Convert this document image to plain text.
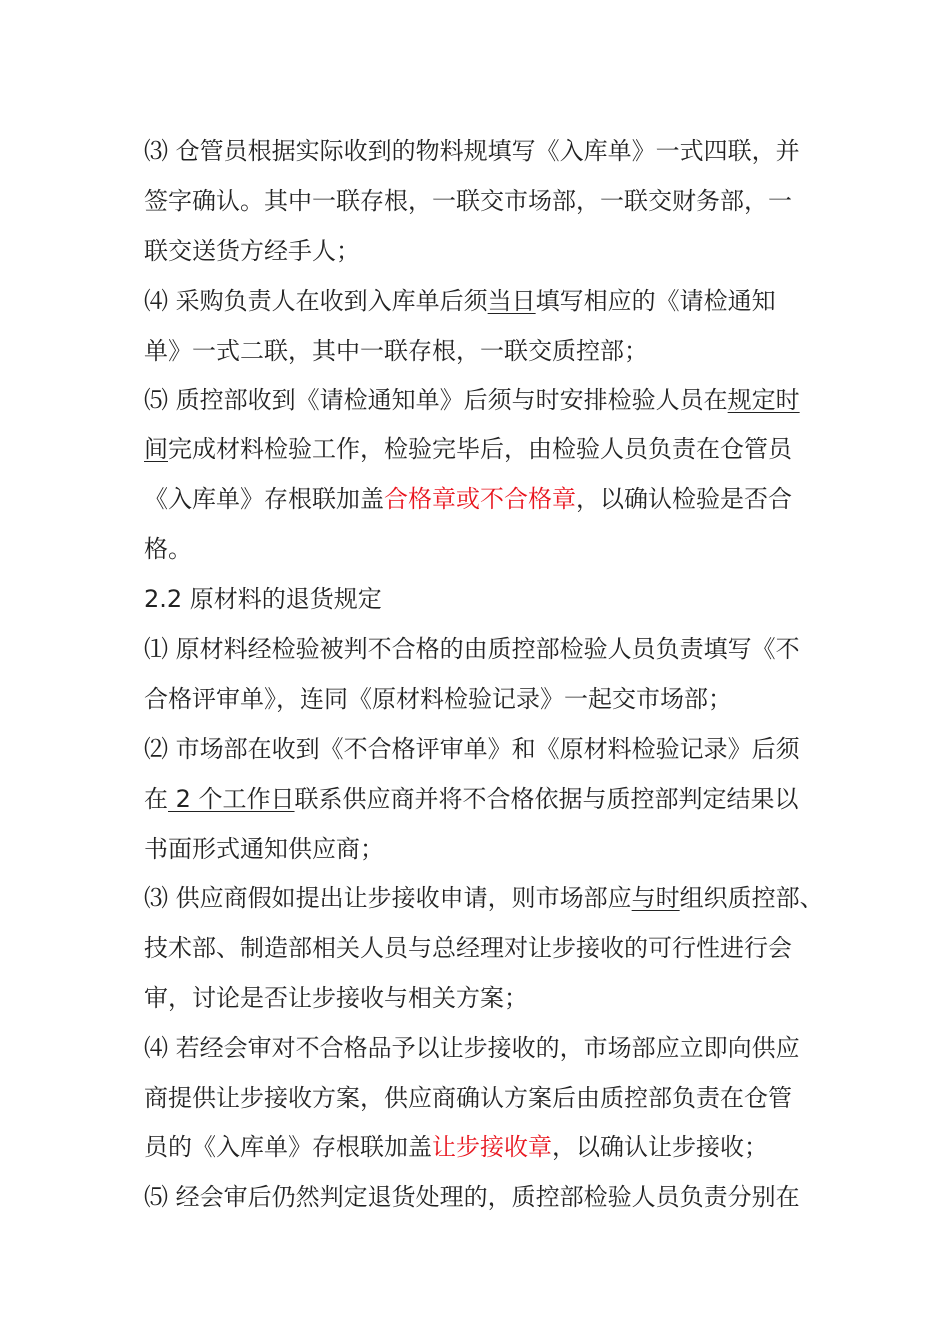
⑶ 仓管员根据实际收到的物料规填写《入库单》一式四联，并
签字确认。其中一联存根，一联交市场部，一联交财务部，一
联交送货方经手人；
⑷ 采购负责人在收到入库单后须当日填写相应的《请检通知
单》一式二联，其中一联存根，一联交质控部；
⑸ 质控部收到《请检通知单》后须与时安排检验人员在规定时
间完成材料检验工作，检验完毕后，由检验人员负责在仓管员
《入库单》存根联加盖合格章或不合格章，以确认检验是否合
格。
2.2 原材料的退货规定
⑴ 原材料经检验被判不合格的由质控部检验人员负责填写《不
合格评审单》，连同《原材料检验记录》一起交市场部；
⑵ 市场部在收到《不合格评审单》和《原材料检验记录》后须
在 2 个工作日联系供应商并将不合格依据与质控部判定结果以
书面形式通知供应商；
⑶ 供应商假如提出让步接收申请，则市场部应与时组织质控部、
技术部、制造部相关人员与总经理对让步接收的可行性进行会
审，讨论是否让步接收与相关方案；
⑷ 若经会审对不合格品予以让步接收的，市场部应立即向供应
商提供让步接收方案，供应商确认方案后由质控部负责在仓管
员的《入库单》存根联加盖让步接收章，以确认让步接收；
⑸ 经会审后仍然判定退货处理的，质控部检验人员负责分别在
